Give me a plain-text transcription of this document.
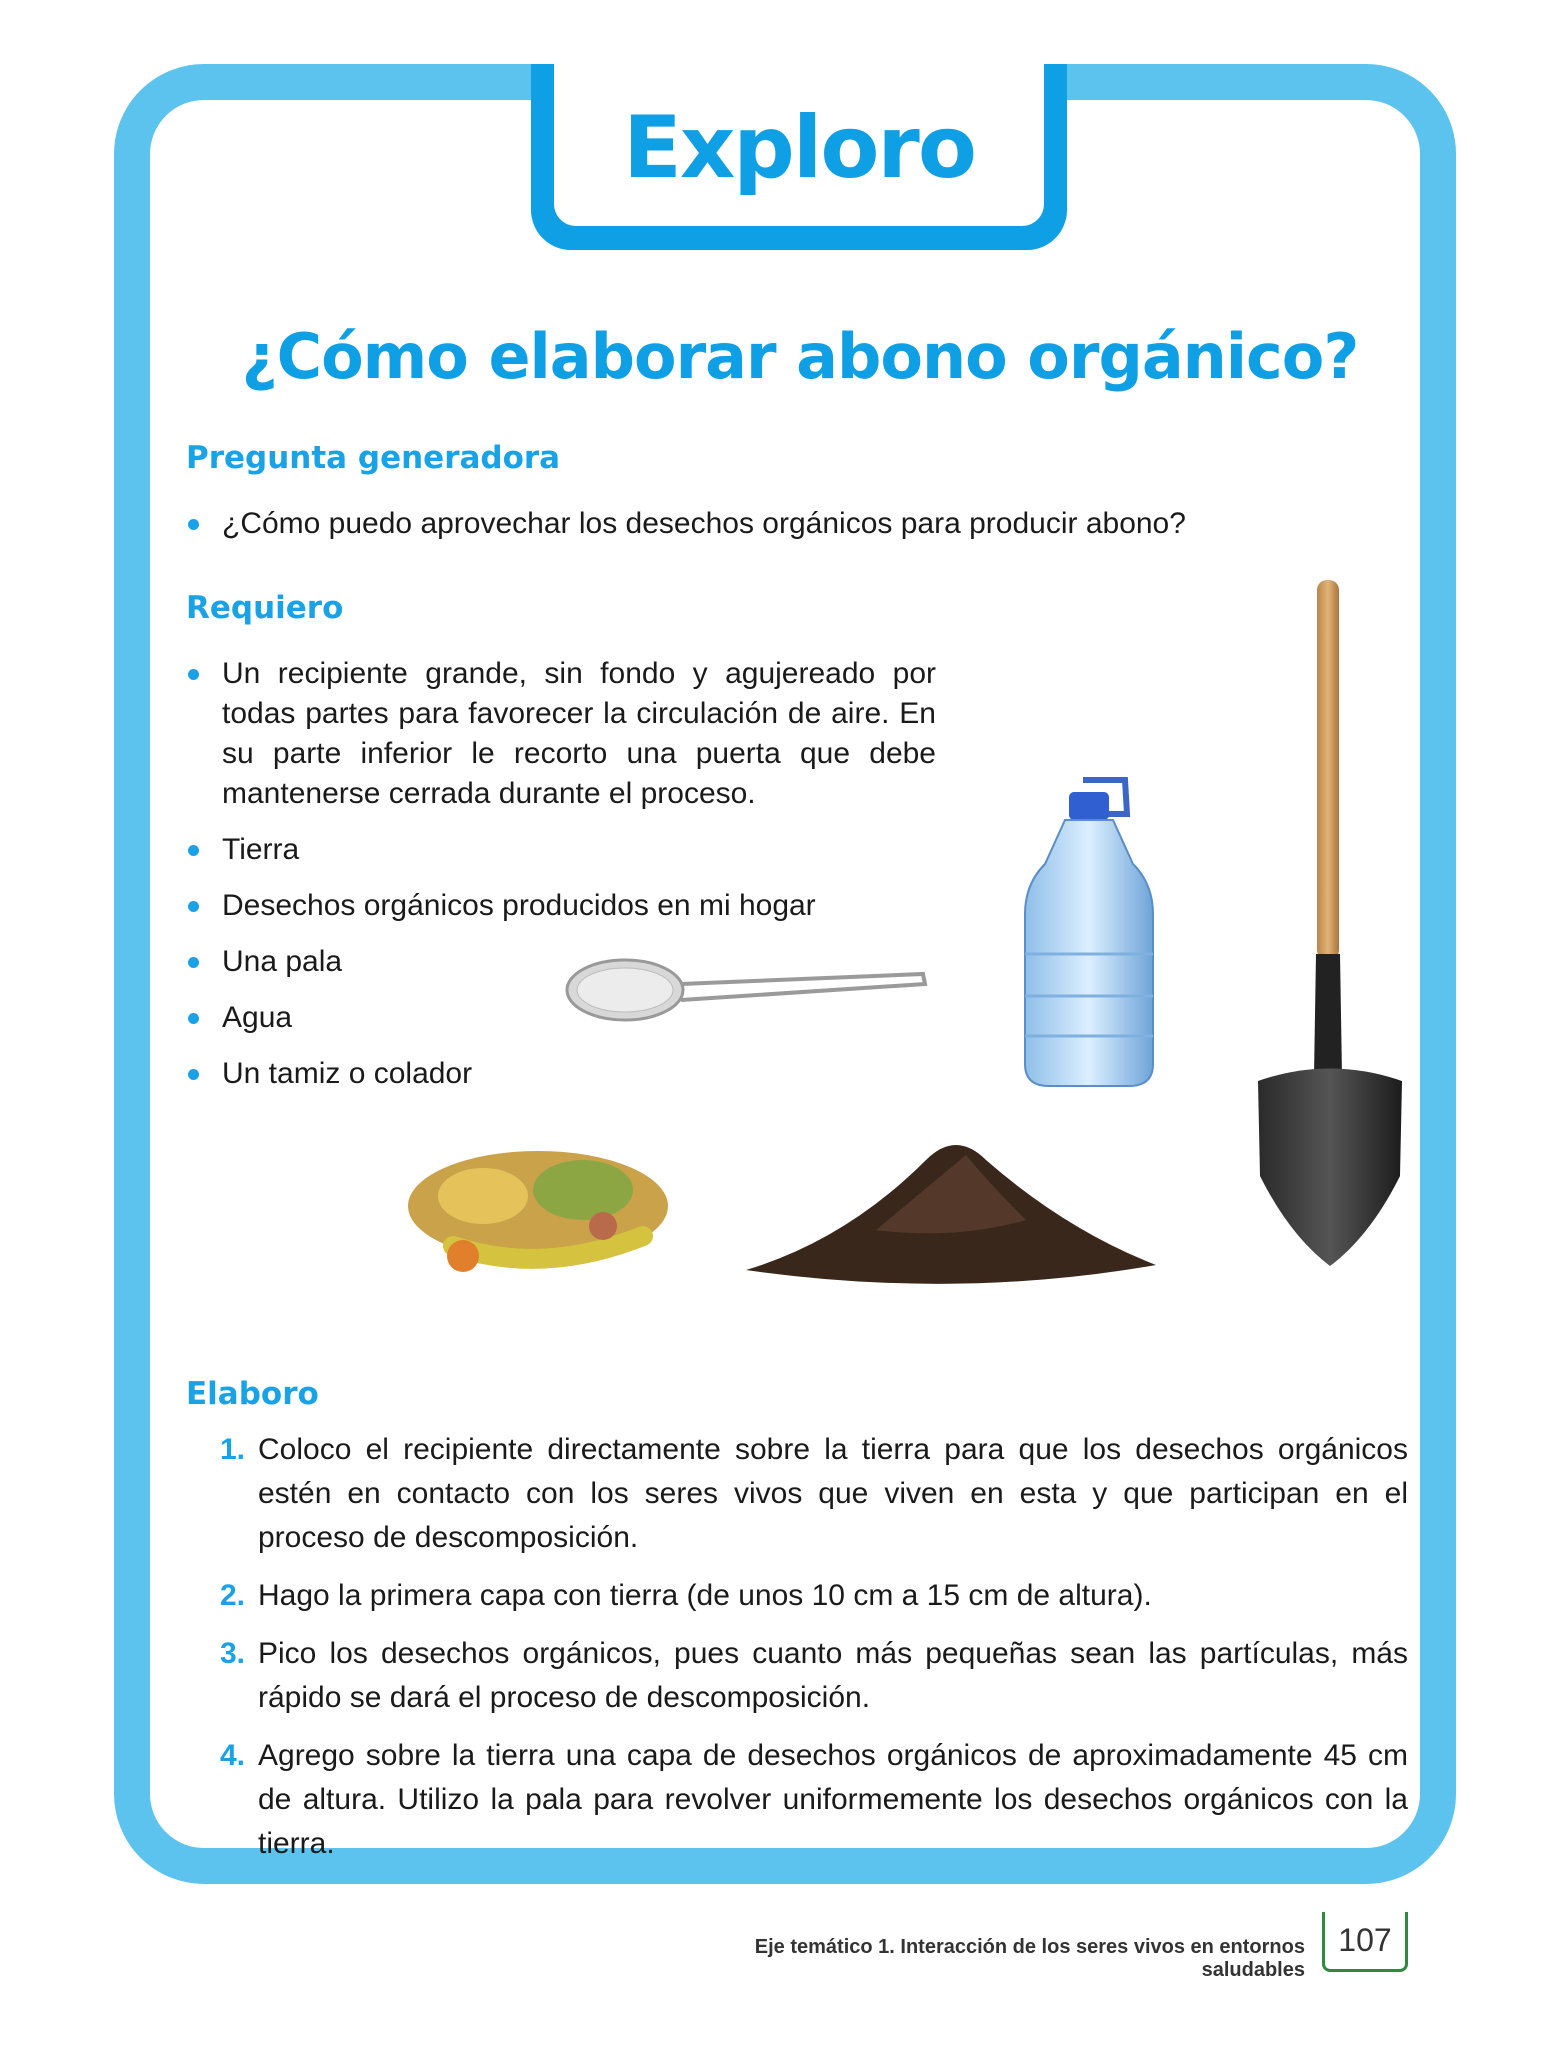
Exploro
¿Cómo elaborar abono orgánico?
Pregunta generadora
¿Cómo puedo aprovechar los desechos orgánicos para producir abono?
Requiero
Un recipiente grande, sin fondo y agujereado por todas partes para favorecer la circulación de aire. En su parte inferior le recorto una puerta que debe mantenerse cerrada durante el proceso.
Tierra
Desechos orgánicos producidos en mi hogar
Una pala
Agua
Un tamiz o colador
Elaboro
1. Coloco el recipiente directamente sobre la tierra para que los desechos orgánicos estén en contacto con los seres vivos que viven en esta y que participan en el proceso de descomposición.
2. Hago la primera capa con tierra (de unos 10 cm a 15 cm de altura).
3. Pico los desechos orgánicos, pues cuanto más pequeñas sean las partículas, más rápido se dará el proceso de descomposición.
4. Agrego sobre la tierra una capa de desechos orgánicos de aproximadamente 45 cm de altura. Utilizo la pala para revolver uniformemente los desechos orgánicos con la tierra.
Eje temático 1. Interacción de los seres vivos en entornos saludables
107
